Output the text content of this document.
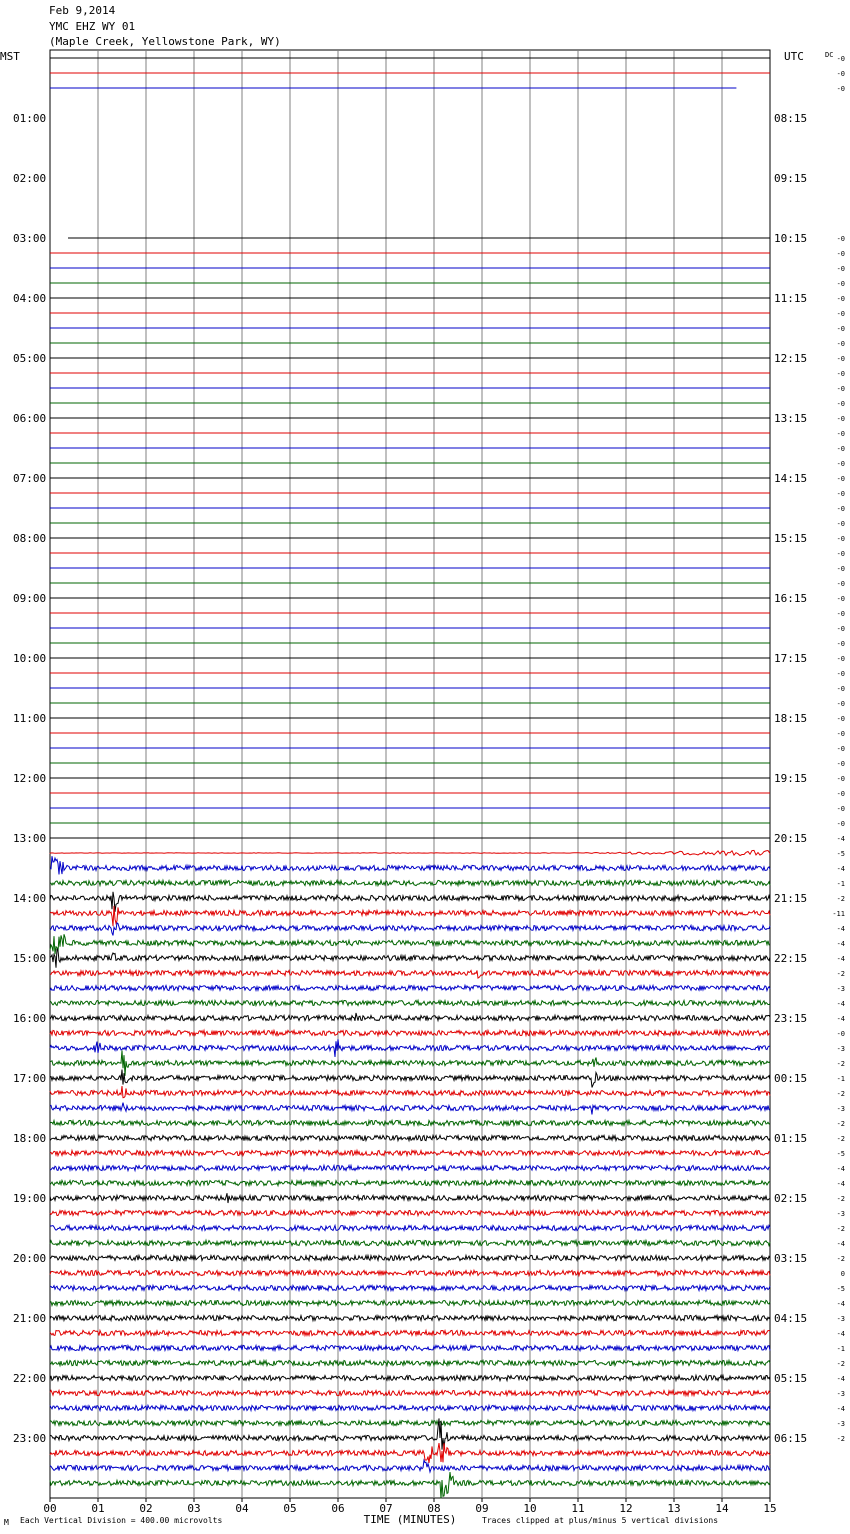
Feb 9,2014
YMC EHZ WY 01
(Maple Creek, Yellowstone Park, WY)
MST	UTC	DC
01:00
02:00
03:00
04:00
05:00
06:00
07:00
08:00
09:00
10:00
11:00
12:00
13:00
14:00
15:00
16:00
17:00
18:00
19:00
20:00
21:00
22:00
23:00
08:15
09:15
10:15
11:15
12:15
13:15
14:15
15:15
16:15
17:15
18:15
19:15
20:15
21:15
22:15
23:15
00:15
01:15
02:15
03:15
04:15
05:15
06:15
-0
-0
-0
-0
-0
-0
-0
-0
-0
-0
-0
-0
-0
-0
-0
-0
-0
-0
-0
-0
-0
-0
-0
-0
-0
-0
-0
-0
-0
-0
-0
-0
-0
-0
-0
-0
-0
-0
-0
-0
-0
-0
-0
-4
-5
-4
-1
-2
-11
-4
-4
-4
-2
-3
-4
-4
-0
-3
-2
-1
-2
-3
-2
-2
-5
-4
-4
-2
-3
-2
-4
-2
0
-5
-4
-3
-4
-1
-2
-4
-3
-4
-3
-2
00	01	02	03	04	05	06	07	08	09	10	11	12	13	14	15
TIME (MINUTES)
M Each Vertical Division = 400.00 microvolts	Traces clipped at plus/minus 5 vertical divisions
